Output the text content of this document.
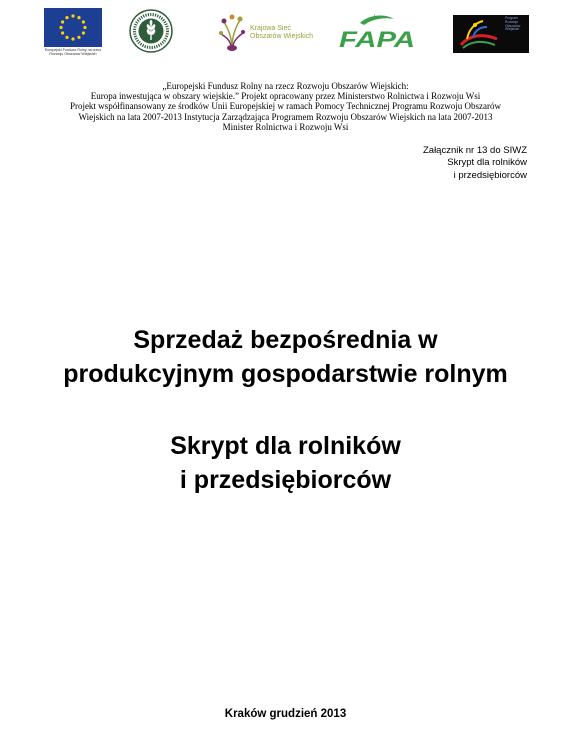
Europejski Fundusz Rolny na rzecz
Rozwoju Obszarów Wiejskich
Krajowa Sieć
Obszarów Wiejskich FAPA
Program
Rozwoju
Obszarów
Wiejskich
„Europejski Fundusz Rolny na rzecz Rozwoju Obszarów Wiejskich:
Europa inwestująca w obszary wiejskie.” Projekt opracowany przez Ministerstwo Rolnictwa i Rozwoju Wsi
Projekt współfinansowany ze środków Unii Europejskiej w ramach Pomocy Technicznej Programu Rozwoju Obszarów
Wiejskich na lata 2007-2013 Instytucja Zarządzająca Programem Rozwoju Obszarów Wiejskich na lata 2007-2013
Minister Rolnictwa i Rozwoju Wsi
Załącznik nr 13 do SIWZ
Skrypt dla rolników
i przedsiębiorców
Sprzedaż bezpośrednia w
produkcyjnym gospodarstwie rolnym
Skrypt dla rolników
i przedsiębiorców
Kraków grudzień 2013
